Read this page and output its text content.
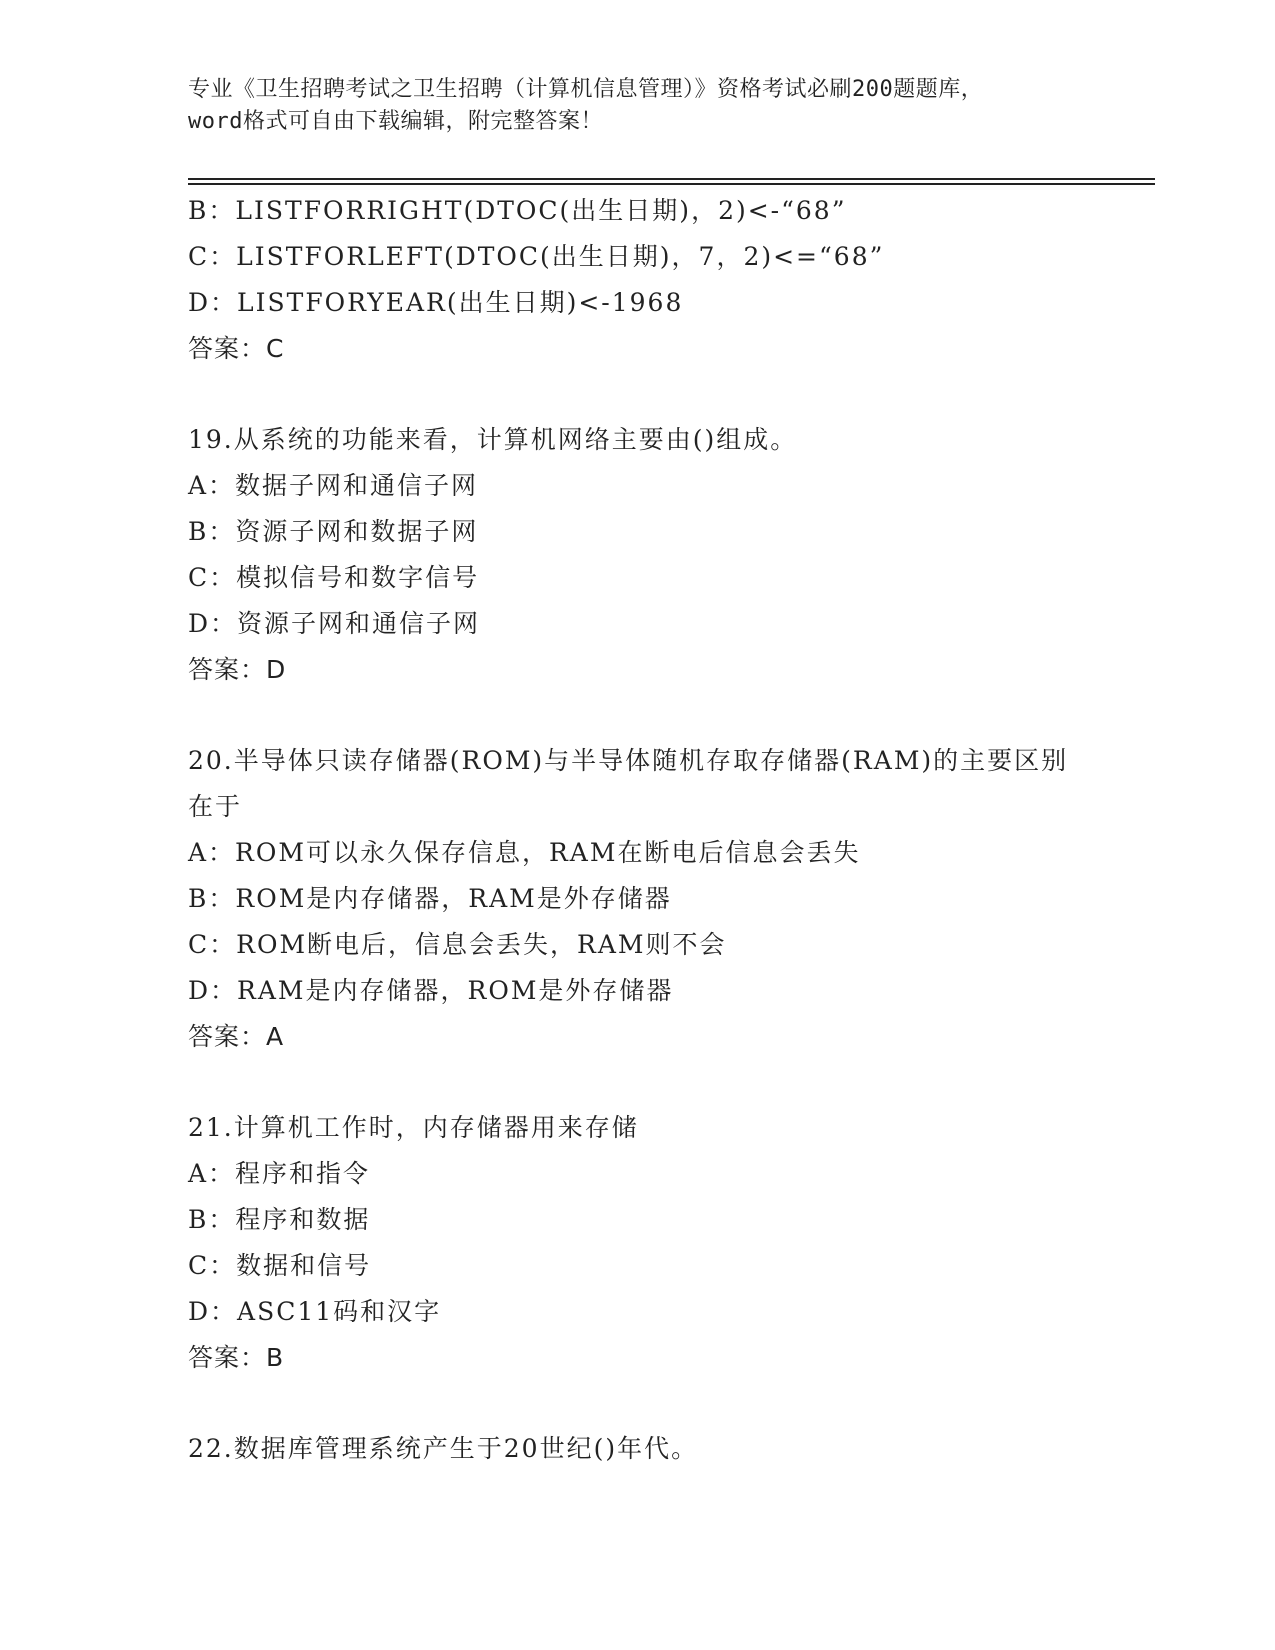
专业《卫生招聘考试之卫生招聘（计算机信息管理）》资格考试必刷200题题库，
word格式可自由下载编辑，附完整答案！
B：LISTFORRIGHT(DTOC(出生日期)，2)<-“68”
C：LISTFORLEFT(DTOC(出生日期)，7，2)<=“68”
D：LISTFORYEAR(出生日期)<-1968
答案：C
19.从系统的功能来看，计算机网络主要由()组成。
A：数据子网和通信子网
B：资源子网和数据子网
C：模拟信号和数字信号
D：资源子网和通信子网
答案：D
20.半导体只读存储器(ROM)与半导体随机存取存储器(RAM)的主要区别
在于
A：ROM可以永久保存信息，RAM在断电后信息会丢失
B：ROM是内存储器，RAM是外存储器
C：ROM断电后，信息会丢失，RAM则不会
D：RAM是内存储器，ROM是外存储器
答案：A
21.计算机工作时，内存储器用来存储
A：程序和指令
B：程序和数据
C：数据和信号
D：ASC11码和汉字
答案：B
22.数据库管理系统产生于20世纪()年代。
